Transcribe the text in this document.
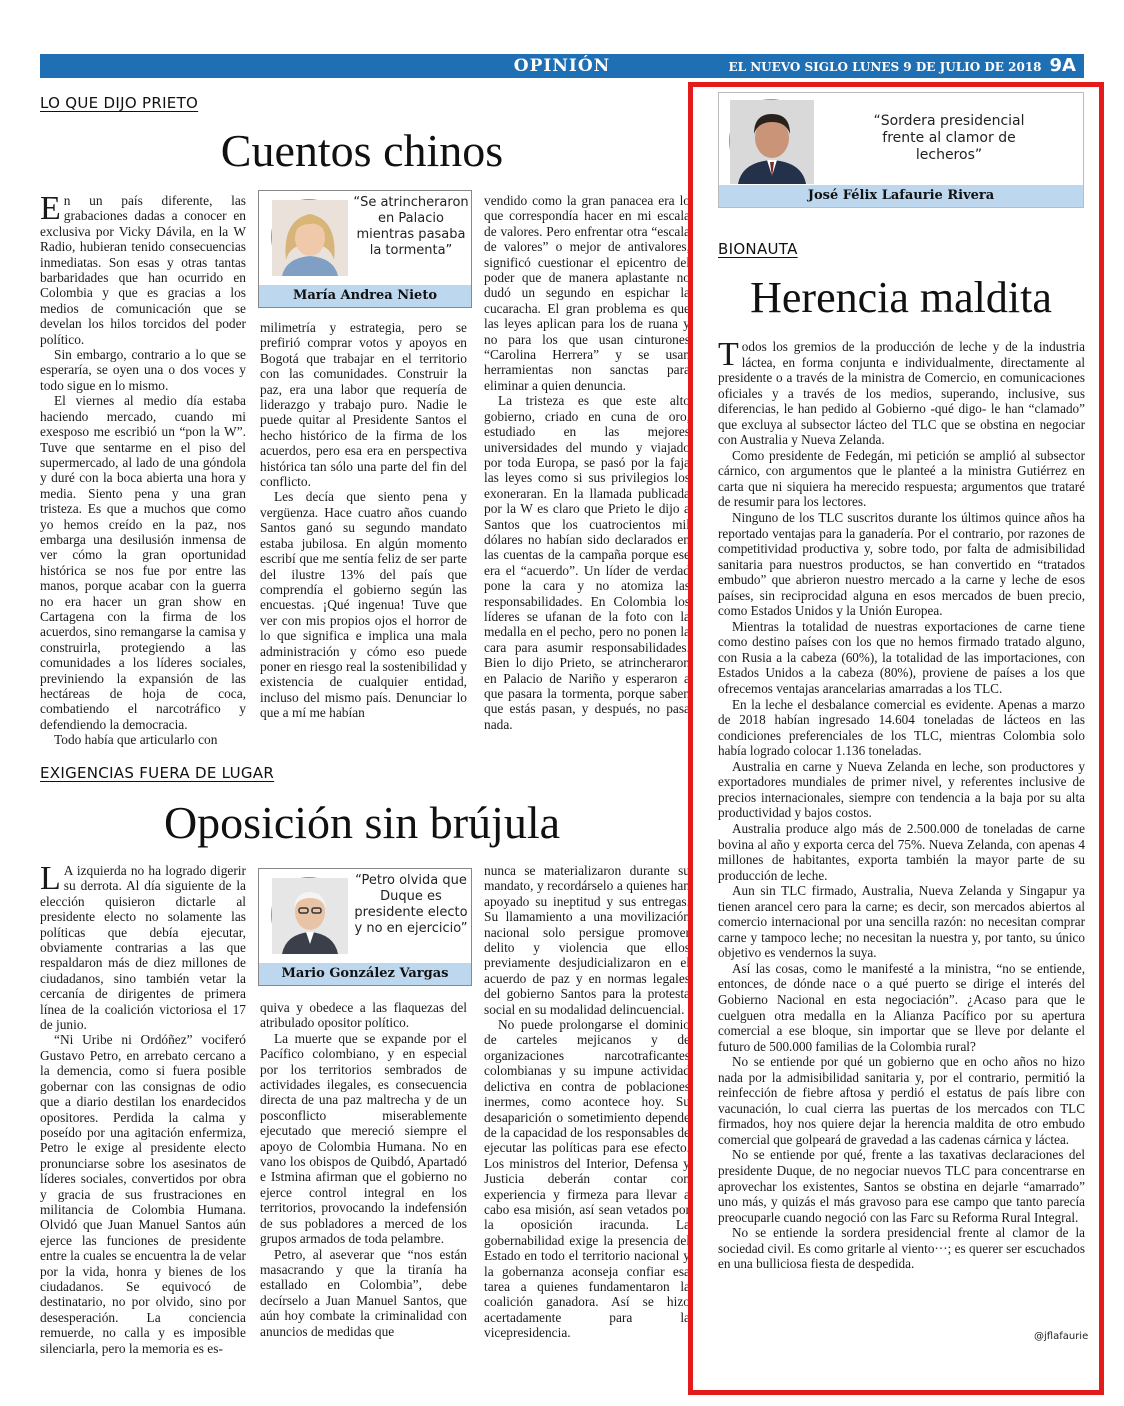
OPINIÓN	EL NUEVO SIGLO LUNES 9 DE JULIO DE 2018 9A
LO QUE DIJO PRIETO
Cuentos chinos

En un país diferente, las grabaciones dadas a conocer en exclusiva por Vicky Dávila, en la W Radio, hubieran tenido consecuencias inmediatas. Son esas y otras tantas barbaridades que han ocurrido en Colombia y que es gracias a los medios de comunicación que se develan los hilos torcidos del poder político.

Sin embargo, contrario a lo que se esperaría, se oyen una o dos voces y todo sigue en lo mismo.

El viernes al medio día estaba haciendo mercado, cuando mi exesposo me escribió un “pon la W”. Tuve que sentarme en el piso del supermercado, al lado de una góndola y duré con la boca abierta una hora y media. Siento pena y una gran tristeza. Es que a muchos que como yo hemos creído en la paz, nos embarga una desilusión inmensa de ver cómo la gran oportunidad histórica se nos fue por entre las manos, porque acabar con la guerra no era hacer un gran show en Cartagena con la firma de los acuerdos, sino remangarse la camisa y construirla, protegiendo a las comunidades a los líderes sociales, previniendo la expansión de las hectáreas de hoja de coca, combatiendo el narcotráfico y defendiendo la democracia.

Todo había que articularlo con

“Se atrincheraron en Palacio mientras pasaba la tormenta”
María Andrea Nieto

milimetría y estrategia, pero se prefirió comprar votos y apoyos en Bogotá que trabajar en el territorio con las comunidades. Construir la paz, era una labor que requería de liderazgo y trabajo puro. Nadie le puede quitar al Presidente Santos el hecho histórico de la firma de los acuerdos, pero esa era en perspectiva histórica tan sólo una parte del fin del conflicto.

Les decía que siento pena y vergüenza. Hace cuatro años cuando Santos ganó su segundo mandato estaba jubilosa. En algún momento escribí que me sentía feliz de ser parte del ilustre 13% del país que comprendía el gobierno según las encuestas. ¡Qué ingenua! Tuve que ver con mis propios ojos el horror de lo que significa e implica una mala administración y cómo eso puede poner en riesgo real la sostenibilidad y existencia de cualquier entidad, incluso del mismo país. Denunciar lo que a mí me habían

vendido como la gran panacea era lo que correspondía hacer en mi escala de valores. Pero enfrentar otra “escala de valores” o mejor de antivalores, significó cuestionar el epicentro del poder que de manera aplastante no dudó un segundo en espichar la cucaracha. El gran problema es que las leyes aplican para los de ruana y no para los que usan cinturones “Carolina Herrera” y se usan herramientas non sanctas para eliminar a quien denuncia.

La tristeza es que este alto gobierno, criado en cuna de oro, estudiado en las mejores universidades del mundo y viajado por toda Europa, se pasó por la faja las leyes como si sus privilegios los exoneraran. En la llamada publicada por la W es claro que Prieto le dijo a Santos que los cuatrocientos mil dólares no habían sido declarados en las cuentas de la campaña porque ese era el “acuerdo”. Un líder de verdad pone la cara y no atomiza las responsabilidades. En Colombia los líderes se ufanan de la foto con la medalla en el pecho, pero no ponen la cara para asumir responsabilidades. Bien lo dijo Prieto, se atrincheraron en Palacio de Nariño y esperaron a que pasara la tormenta, porque saben que estás pasan, y después, no pasa nada.

EXIGENCIAS FUERA DE LUGAR
Oposición sin brújula

L A izquierda no ha logrado digerir su derrota. Al día siguiente de la elección quisieron dictarle al presidente electo no solamente las políticas que debía ejecutar, obviamente contrarias a las que respaldaron más de diez millones de ciudadanos, sino también vetar la cercanía de dirigentes de primera línea de la coalición victoriosa el 17 de junio.

“Ni Uribe ni Ordóñez” vociferó Gustavo Petro, en arrebato cercano a la demencia, como si fuera posible gobernar con las consignas de odio que a diario destilan los enardecidos opositores. Perdida la calma y poseído por una agitación enfermiza, Petro le exige al presidente electo pronunciarse sobre los asesinatos de líderes sociales, convertidos por obra y gracia de sus frustraciones en militancia de Colombia Humana. Olvidó que Juan Manuel Santos aún ejerce las funciones de presidente entre la cuales se encuentra la de velar por la vida, honra y bienes de los ciudadanos. Se equivocó de destinatario, no por olvido, sino por desesperación. La conciencia remuerde, no calla y es imposible silenciarla, pero la memoria es es-

“Petro olvida que Duque es presidente electo y no en ejercicio”
Mario González Vargas

quiva y obedece a las flaquezas del atribulado opositor político.

La muerte que se expande por el Pacífico colombiano, y en especial por los territorios sembrados de actividades ilegales, es consecuencia directa de una paz maltrecha y de un posconflicto miserablemente ejecutado que mereció siempre el apoyo de Colombia Humana. No en vano los obispos de Quibdó, Apartadó e Istmina afirman que el gobierno no ejerce control integral en los territorios, provocando la indefensión de sus pobladores a merced de los grupos armados de toda pelambre.

Petro, al aseverar que “nos están masacrando y que la tiranía ha estallado en Colombia”, debe decírselo a Juan Manuel Santos, que aún hoy combate la criminalidad con anuncios de medidas que

nunca se materializaron durante su mandato, y recordárselo a quienes han apoyado su ineptitud y sus entregas. Su llamamiento a una movilización nacional solo persigue promover delito y violencia que ellos previamente desjudicializaron en el acuerdo de paz y en normas legales del gobierno Santos para la protesta social en su modalidad delincuencial.

No puede prolongarse el dominio de carteles mejicanos y de organizaciones narcotraficantes colombianas y su impune actividad delictiva en contra de poblaciones inermes, como acontece hoy. Su desaparición o sometimiento depende de la capacidad de los responsables de ejecutar las políticas para ese efecto. Los ministros del Interior, Defensa y Justicia deberán contar con experiencia y firmeza para llevar a cabo esa misión, así sean vetados por la oposición iracunda. La gobernabilidad exige la presencia del Estado en todo el territorio nacional y la gobernanza aconseja confiar esa tarea a quienes fundamentaron la coalición ganadora. Así se hizo acertadamente para la vicepresidencia.

“Sordera presidencial frente al clamor de lecheros”
José Félix Lafaurie Rivera
BIONAUTA
Herencia maldita

Todos los gremios de la producción de leche y de la industria láctea, en forma conjunta e individualmente, directamente al presidente o a través de la ministra de Comercio, en comunicaciones oficiales y a través de los medios, superando, inclusive, sus diferencias, le han pedido al Gobierno -qué digo- le han “clamado” que excluya al subsector lácteo del TLC que se obstina en negociar con Australia y Nueva Zelanda.

Como presidente de Fedegán, mi petición se amplió al subsector cárnico, con argumentos que le planteé a la ministra Gutiérrez en carta que ni siquiera ha merecido respuesta; argumentos que trataré de resumir para los lectores.

Ninguno de los TLC suscritos durante los últimos quince años ha reportado ventajas para la ganadería. Por el contrario, por razones de competitividad productiva y, sobre todo, por falta de admisibilidad sanitaria para nuestros productos, se han convertido en “tratados embudo” que abrieron nuestro mercado a la carne y leche de esos países, sin reciprocidad alguna en esos mercados de buen precio, como Estados Unidos y la Unión Europea.

Mientras la totalidad de nuestras exportaciones de carne tiene como destino países con los que no hemos firmado tratado alguno, con Rusia a la cabeza (60%), la totalidad de las importaciones, con Estados Unidos a la cabeza (80%), proviene de países a los que ofrecemos ventajas arancelarias amarradas a los TLC.

En la leche el desbalance comercial es evidente. Apenas a marzo de 2018 habían ingresado 14.604 toneladas de lácteos en las condiciones preferenciales de los TLC, mientras Colombia solo había logrado colocar 1.136 toneladas.

Australia en carne y Nueva Zelanda en leche, son productores y exportadores mundiales de primer nivel, y referentes inclusive de precios internacionales, siempre con tendencia a la baja por su alta productividad y bajos costos.

Australia produce algo más de 2.500.000 de toneladas de carne bovina al año y exporta cerca del 75%. Nueva Zelanda, con apenas 4 millones de habitantes, exporta también la mayor parte de su producción de leche.

Aun sin TLC firmado, Australia, Nueva Zelanda y Singapur ya tienen arancel cero para la carne; es decir, son mercados abiertos al comercio internacional por una sencilla razón: no necesitan comprar carne y tampoco leche; no necesitan la nuestra y, por tanto, su único objetivo es vendernos la suya.

Así las cosas, como le manifesté a la ministra, “no se entiende, entonces, de dónde nace o a qué puerto se dirige el interés del Gobierno Nacional en esta negociación”. ¿Acaso para que le cuelguen otra medalla en la Alianza Pacífico por su apertura comercial a ese bloque, sin importar que se lleve por delante el futuro de 500.000 familias de la Colombia rural?

No se entiende por qué un gobierno que en ocho años no hizo nada por la admisibilidad sanitaria y, por el contrario, permitió la reinfección de fiebre aftosa y perdió el estatus de país libre con vacunación, lo cual cierra las puertas de los mercados con TLC firmados, hoy nos quiere dejar la herencia maldita de otro embudo comercial que golpeará de gravedad a las cadenas cárnica y láctea.

No se entiende por qué, frente a las taxativas declaraciones del presidente Duque, de no negociar nuevos TLC para concentrarse en aprovechar los existentes, Santos se obstina en dejarle “amarrado” uno más, y quizás el más gravoso para ese campo que tanto parecía preocuparle cuando negoció con las Farc su Reforma Rural Integral.

No se entiende la sordera presidencial frente al clamor de la sociedad civil. Es como gritarle al viento···; es querer ser escuchados en una bulliciosa fiesta de despedida.

@jflafaurie
